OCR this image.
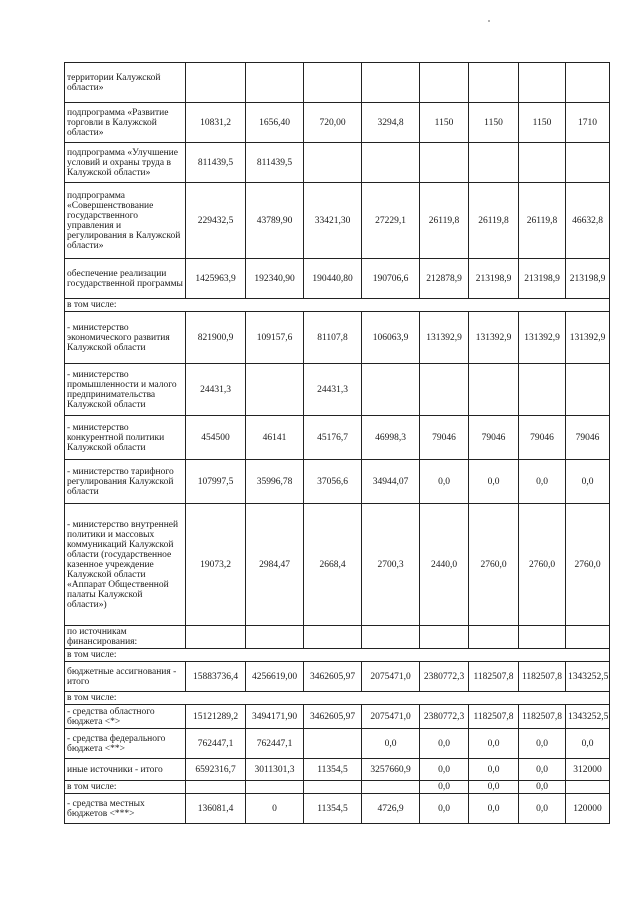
территории Калужской области»								
подпрограмма «Развитие торговли в Калужской области»	10831,2	1656,40	720,00	3294,8	1150	1150	1150	1710
подпрограмма «Улучшение условий и охраны труда в Калужской области»	811439,5	811439,5						
подпрограмма «Совершенствование государственного управления и регулирования в Калужской области»	229432,5	43789,90	33421,30	27229,1	26119,8	26119,8	26119,8	46632,8
обеспечение реализации государственной программы	1425963,9	192340,90	190440,80	190706,6	212878,9	213198,9	213198,9	213198,9
в том числе:								
- министерство экономического развития Калужской области	821900,9	109157,6	81107,8	106063,9	131392,9	131392,9	131392,9	131392,9
- министерство промышленности и малого предпринимательства Калужской области	24431,3		24431,3					
- министерство конкурентной политики Калужской области	454500	46141	45176,7	46998,3	79046	79046	79046	79046
- министерство тарифного регулирования Калужской области	107997,5	35996,78	37056,6	34944,07	0,0	0,0	0,0	0,0
- министерство внутренней политики и массовых коммуникаций Калужской области (государственное казенное учреждение Калужской области «Аппарат Общественной палаты Калужской области»)	19073,2	2984,47	2668,4	2700,3	2440,0	2760,0	2760,0	2760,0
по источникам финансирования:								
в том числе:								
бюджетные ассигнования - итого	15883736,4	4256619,00	3462605,97	2075471,0	2380772,3	1182507,8	1182507,8	1343252,5
в том числе:								
- средства областного бюджета <*>	15121289,2	3494171,90	3462605,97	2075471,0	2380772,3	1182507,8	1182507,8	1343252,5
- средства федерального бюджета <**>	762447,1	762447,1		0,0	0,0	0,0	0,0	0,0
иные источники - итого	6592316,7	3011301,3	11354,5	3257660,9	0,0	0,0	0,0	312000
в том числе:					0,0	0,0	0,0	
- средства местных бюджетов <***>	136081,4	0	11354,5	4726,9	0,0	0,0	0,0	120000
